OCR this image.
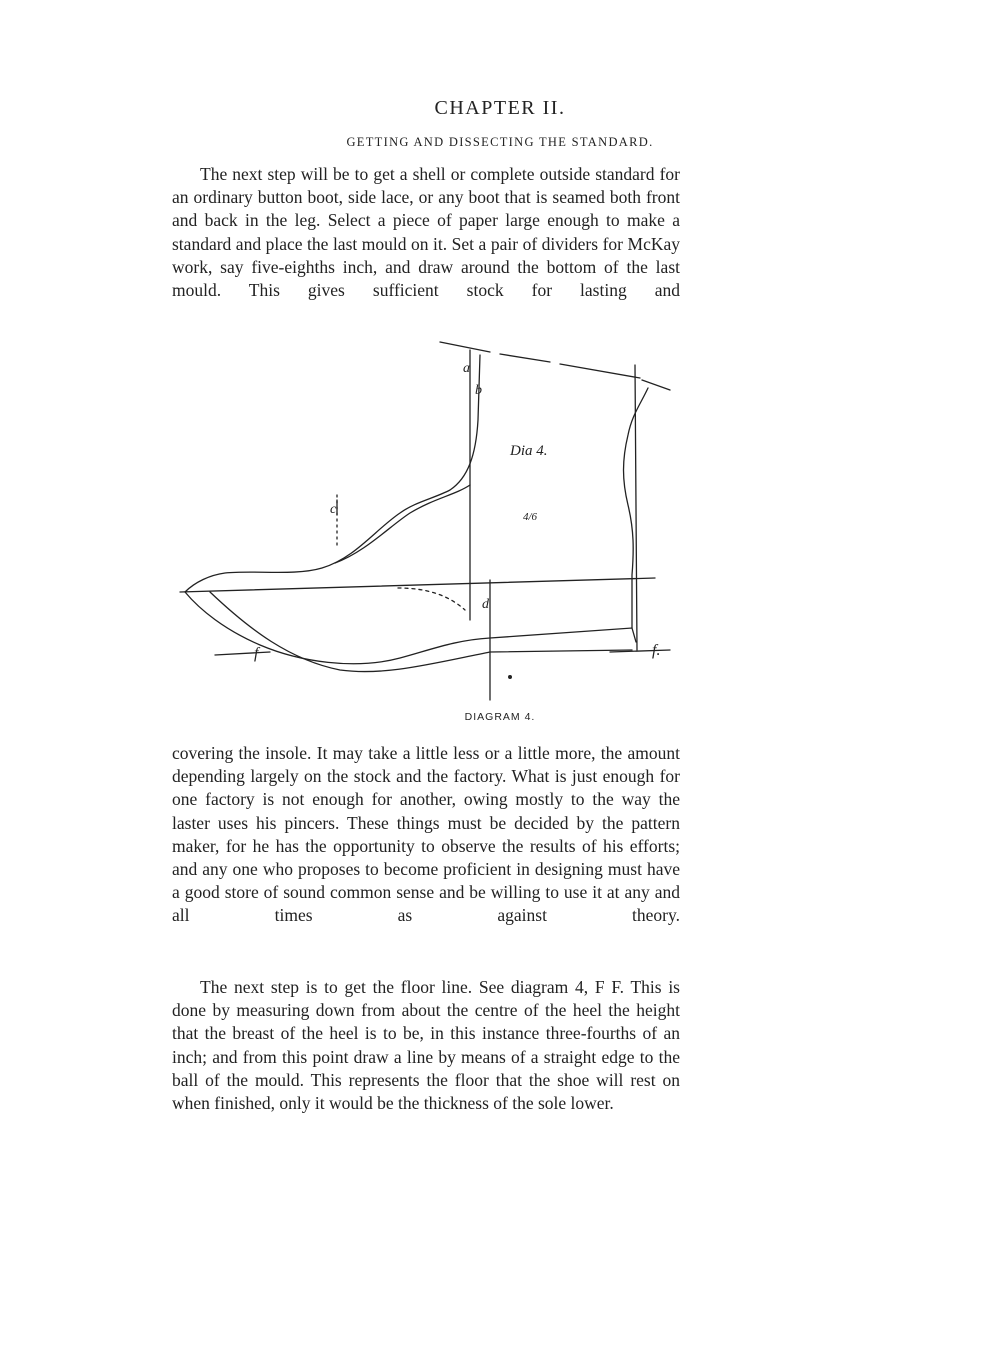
CHAPTER II.
GETTING AND DISSECTING THE STANDARD.

The next step will be to get a shell or complete outside standard for an ordinary button boot, side lace, or any boot that is seamed both front and back in the leg. Select a piece of paper large enough to make a standard and place the last mould on it. Set a pair of dividers for McKay work, say five-eighths inch, and draw around the bottom of the last mould. This gives sufficient stock for lasting and

a
b
Dia 4.
4/6
c
d
f	f.

DIAGRAM 4.

covering the insole. It may take a little less or a little more, the amount depending largely on the stock and the factory. What is just enough for one factory is not enough for another, owing mostly to the way the laster uses his pincers. These things must be decided by the pattern maker, for he has the opportunity to observe the results of his efforts; and any one who proposes to become proficient in designing must have a good store of sound common sense and be willing to use it at any and all times as against theory.

The next step is to get the floor line. See diagram 4, F F. This is done by measuring down from about the centre of the heel the height that the breast of the heel is to be, in this instance three-fourths of an inch; and from this point draw a line by means of a straight edge to the ball of the mould. This represents the floor that the shoe will rest on when finished, only it would be the thickness of the sole lower.
